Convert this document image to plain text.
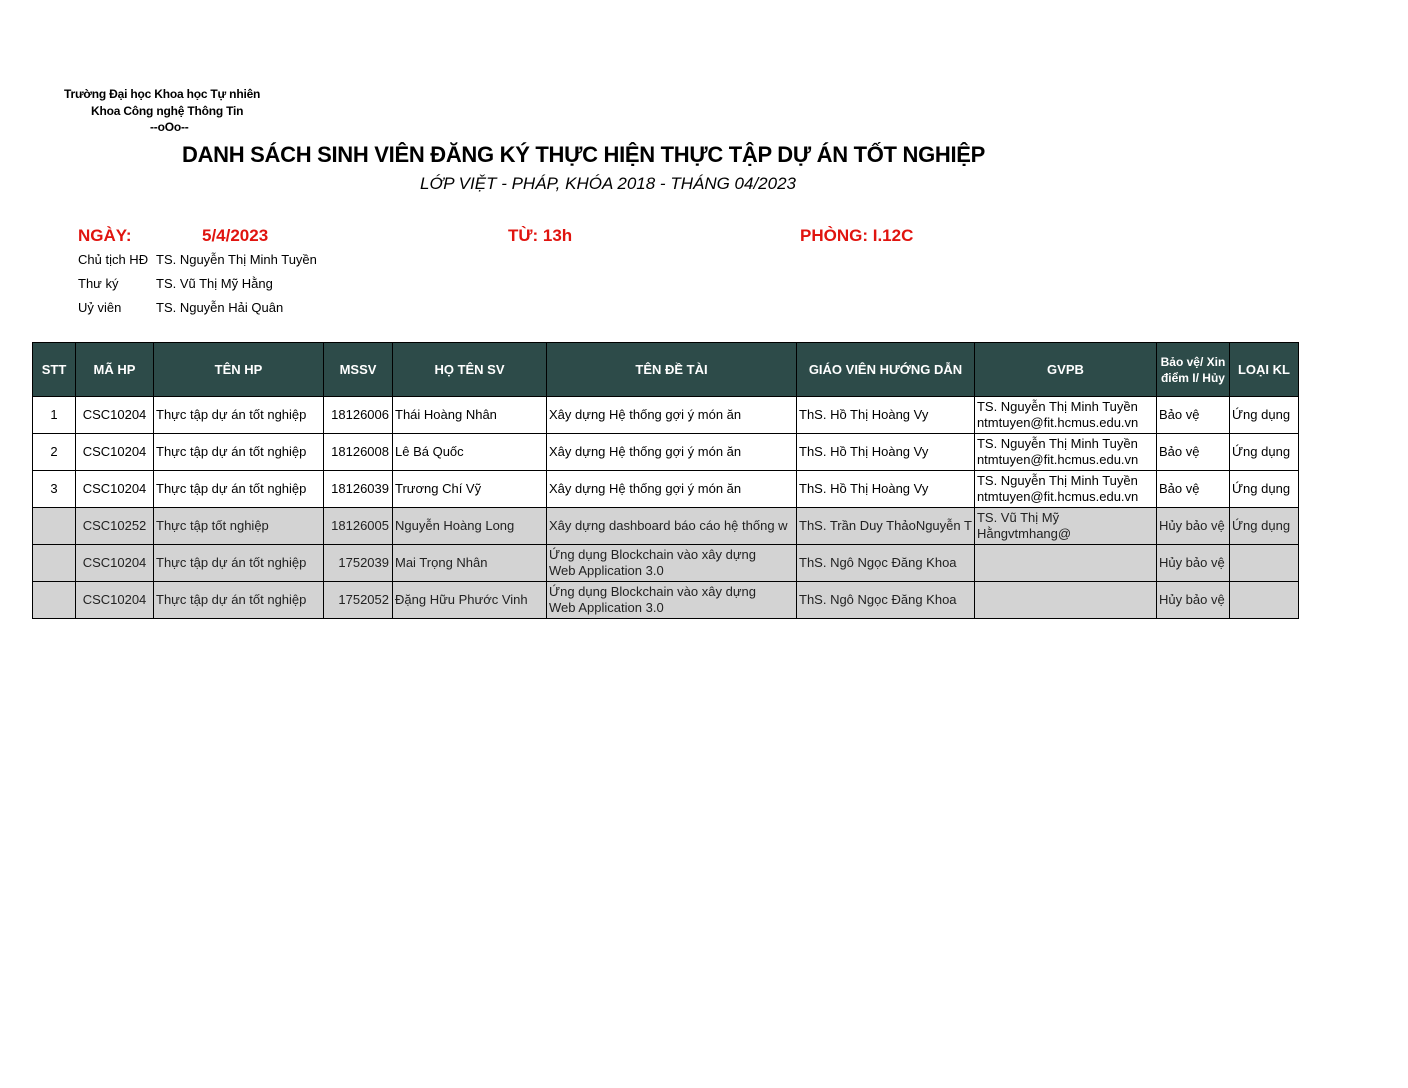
Trường Đại học Khoa học Tự nhiên
Khoa Công nghệ Thông Tin
--oOo--
DANH SÁCH SINH VIÊN ĐĂNG KÝ THỰC HIỆN THỰC TẬP DỰ ÁN TỐT NGHIỆP
LỚP VIỆT - PHÁP, KHÓA 2018 - THÁNG 04/2023
NGÀY:	5/4/2023	TỪ: 13h	PHÒNG: I.12C
Chủ tịch HĐ TS. Nguyễn Thị Minh Tuyền
Thư ký	TS. Vũ Thị Mỹ Hằng
Uỷ viên	TS. Nguyễn Hải Quân
STT	MÃ HP	TÊN HP	MSSV	HỌ TÊN SV	TÊN ĐỀ TÀI	GIÁO VIÊN HƯỚNG DẪN	GVPB	Bảo vệ/ Xin điểm I/ Hủy	LOẠI KL
1	CSC10204	Thực tập dự án tốt nghiệp	18126006	Thái Hoàng Nhân	Xây dựng Hệ thống gợi ý món ăn	ThS. Hồ Thị Hoàng Vy	TS. Nguyễn Thị Minh Tuyền
ntmtuyen@fit.hcmus.edu.vn	Bảo vệ	Ứng dụng
2	CSC10204	Thực tập dự án tốt nghiệp	18126008	Lê Bá Quốc	Xây dựng Hệ thống gợi ý món ăn	ThS. Hồ Thị Hoàng Vy	TS. Nguyễn Thị Minh Tuyền
ntmtuyen@fit.hcmus.edu.vn	Bảo vệ	Ứng dụng
3	CSC10204	Thực tập dự án tốt nghiệp	18126039	Trương Chí Vỹ	Xây dựng Hệ thống gợi ý món ăn	ThS. Hồ Thị Hoàng Vy	TS. Nguyễn Thị Minh Tuyền
ntmtuyen@fit.hcmus.edu.vn	Bảo vệ	Ứng dụng
	CSC10252	Thực tập tốt nghiệp	18126005	Nguyễn Hoàng Long	Xây dựng dashboard báo cáo hệ thống w	ThS. Trần Duy ThảoNguyễn T	TS. Vũ Thị Mỹ Hằngvtmhang@	Hủy bảo vệ	Ứng dụng
	CSC10204	Thực tập dự án tốt nghiệp	1752039	Mai Trọng Nhân	Ứng dụng Blockchain vào xây dựng
Web Application 3.0	ThS. Ngô Ngọc Đăng Khoa		Hủy bảo vệ	
	CSC10204	Thực tập dự án tốt nghiệp	1752052	Đặng Hữu Phước Vinh	Ứng dụng Blockchain vào xây dựng
Web Application 3.0	ThS. Ngô Ngọc Đăng Khoa		Hủy bảo vệ	
